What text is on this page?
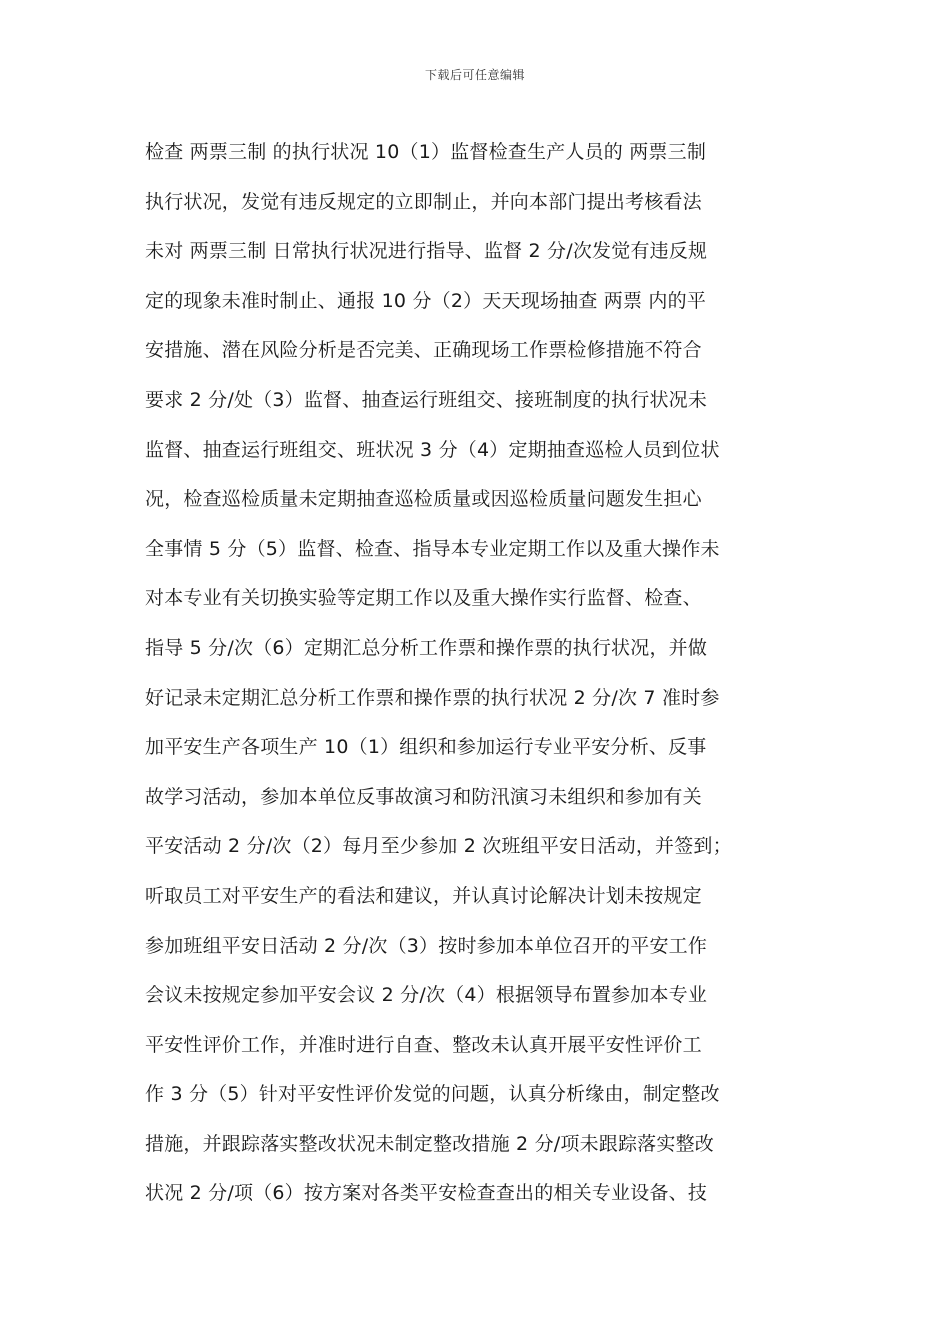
下载后可任意编辑
检查 两票三制 的执行状况 10（1）监督检查生产人员的 两票三制
执行状况，发觉有违反规定的立即制止，并向本部门提出考核看法
未对 两票三制 日常执行状况进行指导、监督 2 分/次发觉有违反规
定的现象未准时制止、通报 10 分（2）天天现场抽查 两票 内的平
安措施、潜在风险分析是否完美、正确现场工作票检修措施不符合
要求 2 分/处（3）监督、抽查运行班组交、接班制度的执行状况未
监督、抽查运行班组交、班状况 3 分（4）定期抽查巡检人员到位状
况，检查巡检质量未定期抽查巡检质量或因巡检质量问题发生担心
全事情 5 分（5）监督、检查、指导本专业定期工作以及重大操作未
对本专业有关切换实验等定期工作以及重大操作实行监督、检查、
指导 5 分/次（6）定期汇总分析工作票和操作票的执行状况，并做
好记录未定期汇总分析工作票和操作票的执行状况 2 分/次 7 准时参
加平安生产各项生产 10（1）组织和参加运行专业平安分析、反事
故学习活动，参加本单位反事故演习和防汛演习未组织和参加有关
平安活动 2 分/次（2）每月至少参加 2 次班组平安日活动，并签到；
听取员工对平安生产的看法和建议，并认真讨论解决计划未按规定
参加班组平安日活动 2 分/次（3）按时参加本单位召开的平安工作
会议未按规定参加平安会议 2 分/次（4）根据领导布置参加本专业
平安性评价工作，并准时进行自查、整改未认真开展平安性评价工
作 3 分（5）针对平安性评价发觉的问题，认真分析缘由，制定整改
措施，并跟踪落实整改状况未制定整改措施 2 分/项未跟踪落实整改
状况 2 分/项（6）按方案对各类平安检查查出的相关专业设备、技
